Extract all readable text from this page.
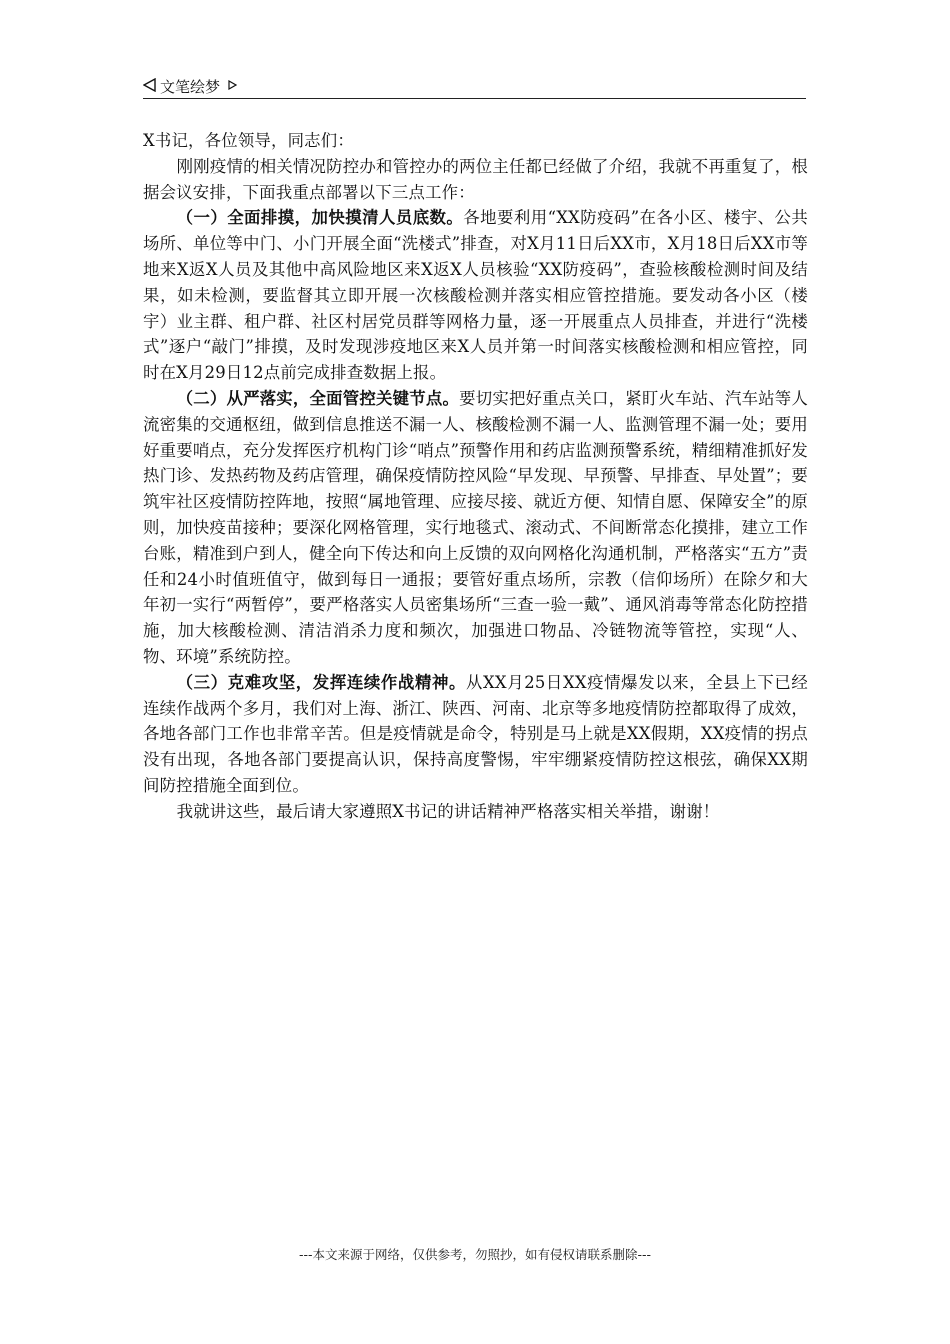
文笔绘梦

X书记，各位领导，同志们：

刚刚疫情的相关情况防控办和管控办的两位主任都已经做了介绍，我就不再重复了，根据会议安排，下面我重点部署以下三点工作：

（一）全面排摸，加快摸清人员底数。各地要利用“XX防疫码”在各小区、楼宇、公共场所、单位等中门、小门开展全面“洗楼式”排查，对X月11日后XX市，X月18日后XX市等地来X返X人员及其他中高风险地区来X返X人员核验“XX防疫码”，查验核酸检测时间及结果，如未检测，要监督其立即开展一次核酸检测并落实相应管控措施。要发动各小区（楼宇）业主群、租户群、社区村居党员群等网格力量，逐一开展重点人员排查，并进行“洗楼式”逐户“敲门”排摸，及时发现涉疫地区来X人员并第一时间落实核酸检测和相应管控，同时在X月29日12点前完成排查数据上报。

（二）从严落实，全面管控关键节点。要切实把好重点关口，紧盯火车站、汽车站等人流密集的交通枢纽，做到信息推送不漏一人、核酸检测不漏一人、监测管理不漏一处；要用好重要哨点，充分发挥医疗机构门诊“哨点”预警作用和药店监测预警系统，精细精准抓好发热门诊、发热药物及药店管理，确保疫情防控风险“早发现、早预警、早排查、早处置”；要筑牢社区疫情防控阵地，按照“属地管理、应接尽接、就近方便、知情自愿、保障安全”的原则，加快疫苗接种；要深化网格管理，实行地毯式、滚动式、不间断常态化摸排，建立工作台账，精准到户到人，健全向下传达和向上反馈的双向网格化沟通机制，严格落实“五方”责任和24小时值班值守，做到每日一通报；要管好重点场所，宗教（信仰场所）在除夕和大年初一实行“两暂停”，要严格落实人员密集场所“三查一验一戴”、通风消毒等常态化防控措施，加大核酸检测、清洁消杀力度和频次，加强进口物品、冷链物流等管控，实现“人、物、环境”系统防控。

（三）克难攻坚，发挥连续作战精神。从XX月25日XX疫情爆发以来，全县上下已经连续作战两个多月，我们对上海、浙江、陕西、河南、北京等多地疫情防控都取得了成效，各地各部门工作也非常辛苦。但是疫情就是命令，特别是马上就是XX假期，XX疫情的拐点没有出现，各地各部门要提高认识，保持高度警惕，牢牢绷紧疫情防控这根弦，确保XX期间防控措施全面到位。

我就讲这些，最后请大家遵照X书记的讲话精神严格落实相关举措，谢谢！

---本文来源于网络，仅供参考，勿照抄，如有侵权请联系删除---
